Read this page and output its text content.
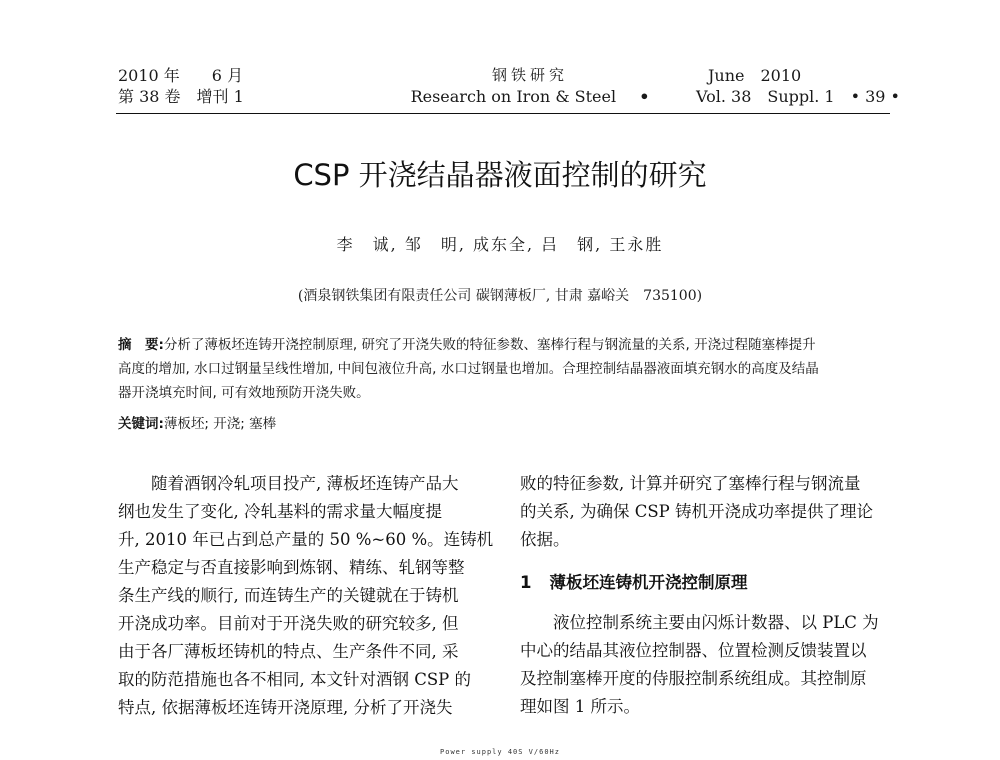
2010 年　　6 月
第 38 卷　增刊 1
钢铁研究
Research on Iron & Steel •
June　2010
Vol. 38　Suppl. 1　• 39 •
CSP 开浇结晶器液面控制的研究
李　诚, 邹　明, 成东全, 吕　钢, 王永胜
(酒泉钢铁集团有限责任公司 碳钢薄板厂, 甘肃 嘉峪关　735100)
摘　要:分析了薄板坯连铸开浇控制原理, 研究了开浇失败的特征参数、塞棒行程与钢流量的关系, 开浇过程随塞棒提升
高度的增加, 水口过钢量呈线性增加, 中间包液位升高, 水口过钢量也增加。合理控制结晶器液面填充钢水的高度及结晶
器开浇填充时间, 可有效地预防开浇失败。
关键词:薄板坯; 开浇; 塞棒
随着酒钢冷轧项目投产, 薄板坯连铸产品大
纲也发生了变化, 冷轧基料的需求量大幅度提
升, 2010 年已占到总产量的 50 %~60 %。连铸机
生产稳定与否直接影响到炼钢、精练、轧钢等整
条生产线的顺行, 而连铸生产的关键就在于铸机
开浇成功率。目前对于开浇失败的研究较多, 但
由于各厂薄板坯铸机的特点、生产条件不同, 采
取的防范措施也各不相同, 本文针对酒钢 CSP 的
特点, 依据薄板坯连铸开浇原理, 分析了开浇失
败的特征参数, 计算并研究了塞棒行程与钢流量
的关系, 为确保 CSP 铸机开浇成功率提供了理论
依据。
1 薄板坯连铸机开浇控制原理
液位控制系统主要由闪烁计数器、以 PLC 为
中心的结晶其液位控制器、位置检测反馈装置以
及控制塞棒开度的侍服控制系统组成。其控制原
理如图 1 所示。
Power supply 40S V/60Hz
